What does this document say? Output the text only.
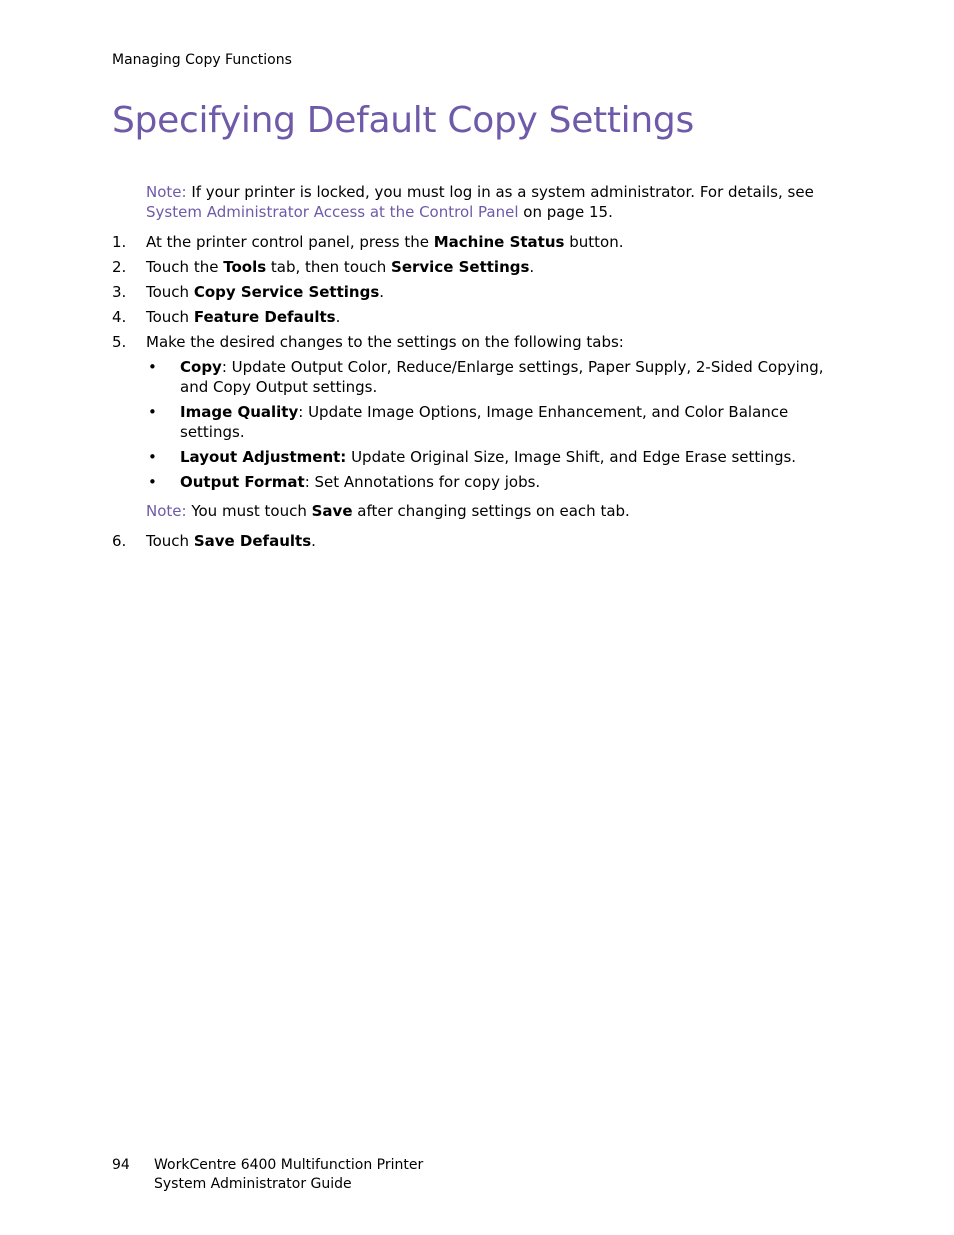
Managing Copy Functions
Specifying Default Copy Settings
Note: If your printer is locked, you must log in as a system administrator. For details, see System Administrator Access at the Control Panel on page 15.
1.	At the printer control panel, press the Machine Status button.
2.	Touch the Tools tab, then touch Service Settings.
3.	Touch Copy Service Settings.
4.	Touch Feature Defaults.
5.	Make the desired changes to the settings on the following tabs:
•	Copy: Update Output Color, Reduce/Enlarge settings, Paper Supply, 2-Sided Copying, and Copy Output settings.
•	Image Quality: Update Image Options, Image Enhancement, and Color Balance settings.
•	Layout Adjustment: Update Original Size, Image Shift, and Edge Erase settings.
•	Output Format: Set Annotations for copy jobs.
Note: You must touch Save after changing settings on each tab.
6.	Touch Save Defaults.
94	WorkCentre 6400 Multifunction Printer
System Administrator Guide
